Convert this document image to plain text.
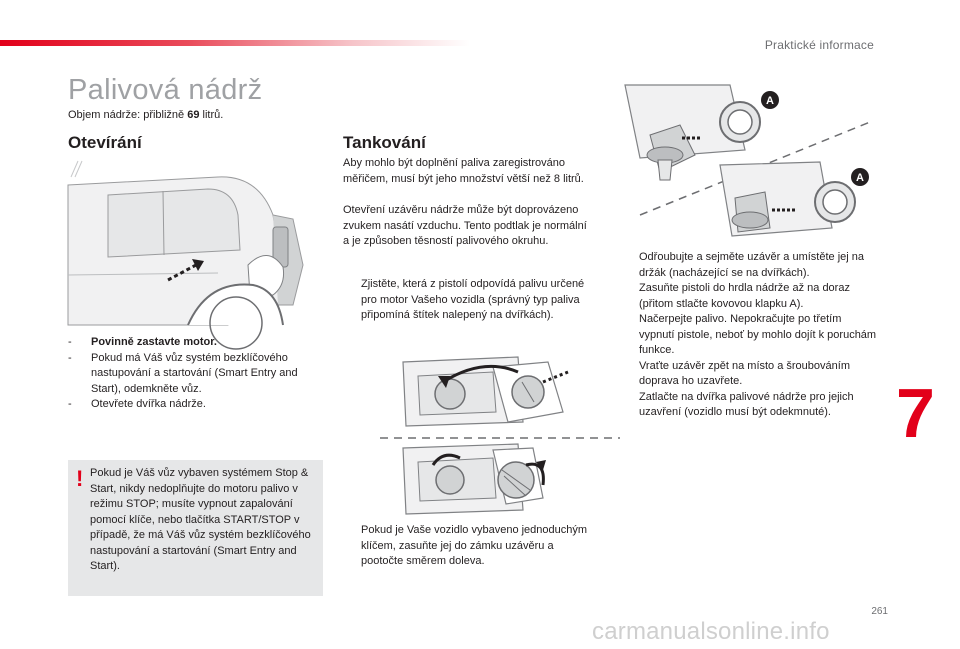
Praktické informace
Palivová nádrž
Objem nádrže: přibližně 69 litrů.
Otevírání

- Povinně zastavte motor.

- Pokud má Váš vůz systém bezklíčového nastupování a startování (Smart Entry and Start), odemkněte vůz.

- Otevřete dvířka nádrže.

! Pokud je Váš vůz vybaven systémem Stop & Start, nikdy nedoplňujte do motoru palivo v režimu STOP; musíte vypnout zapalování pomocí klíče, nebo tlačítka START/STOP v případě, že má Váš vůz systém bezklíčového nastupování a startování (Smart Entry and Start).
Tankování
Aby mohlo být doplnění paliva zaregistrováno měřičem, musí být jeho množství větší než 8 litrů.
Otevření uzávěru nádrže může být doprovázeno zvukem nasátí vzduchu. Tento podtlak je normální a je způsoben těsností palivového okruhu.

Zjistěte, která z pistolí odpovídá palivu určené pro motor Vašeho vozidla (správný typ paliva připomíná štítek nalepený na dvířkách).

Pokud je Vaše vozidlo vybaveno jednoduchým klíčem, zasuňte jej do zámku uzávěru a pootočte směrem doleva.

A
A

Odřoubujte a sejměte uzávěr a umístěte jej na držák (nacházející se na dvířkách).

Zasuňte pistoli do hrdla nádrže až na doraz (přitom stlačte kovovou klapku A).

Načerpejte palivo. Nepokračujte po třetím vypnutí pistole, neboť by mohlo dojít k poruchám funkce.

Vraťte uzávěr zpět na místo a šroubováním doprava ho uzavřete.

Zatlačte na dvířka palivové nádrže pro jejich uzavření (vozidlo musí být odekmnuté). 7
261
carmanualsonline.info
